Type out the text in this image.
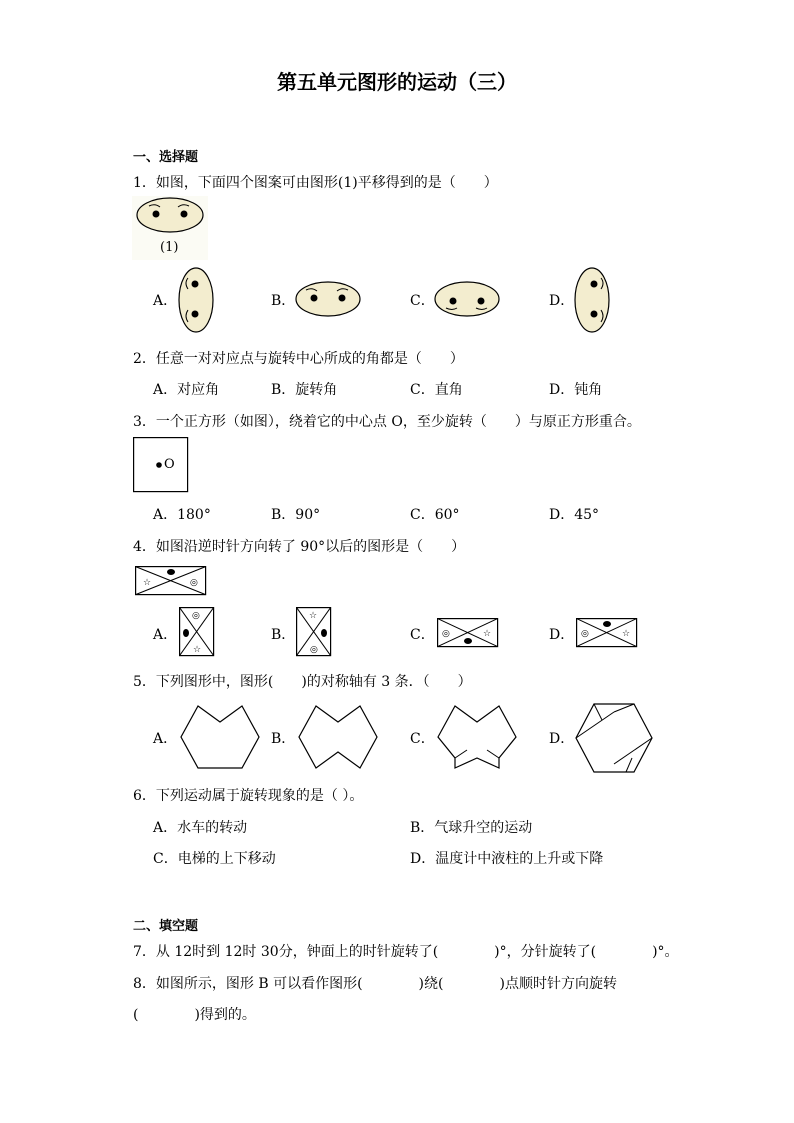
第五单元图形的运动（三）
一、选择题
1．如图，下面四个图案可由图形(1)平移得到的是（　　）
(1)
A．	B．	C．	D．
2．任意一对对应点与旋转中心所成的角都是（　　）
A．对应角	B．旋转角	C．直角	D．钝角
3．一个正方形（如图），绕着它的中心点 O，至少旋转（　　）与原正方形重合。
O
A．180°	B．90°	C．60°	D．45°
4．如图沿逆时针方向转了 90°以后的图形是（　　）
☆	◎
A．
◎
☆
B．
☆
◎
C． ◎	☆	D． ◎	☆
5．下列图形中，图形(　　)的对称轴有 3 条．（　　）
A．	B．	C．	D．
6．下列运动属于旋转现象的是（ ）。
A．水车的转动	B．气球升空的运动
C．电梯的上下移动	D．温度计中液柱的上升或下降
二、填空题
7．从 12时到 12时 30分，钟面上的时针旋转了(　　　　)°，分针旋转了(　　　　)°。
8．如图所示，图形 B 可以看作图形(　　　　)绕(　　　　)点顺时针方向旋转
(　　　　)得到的。
